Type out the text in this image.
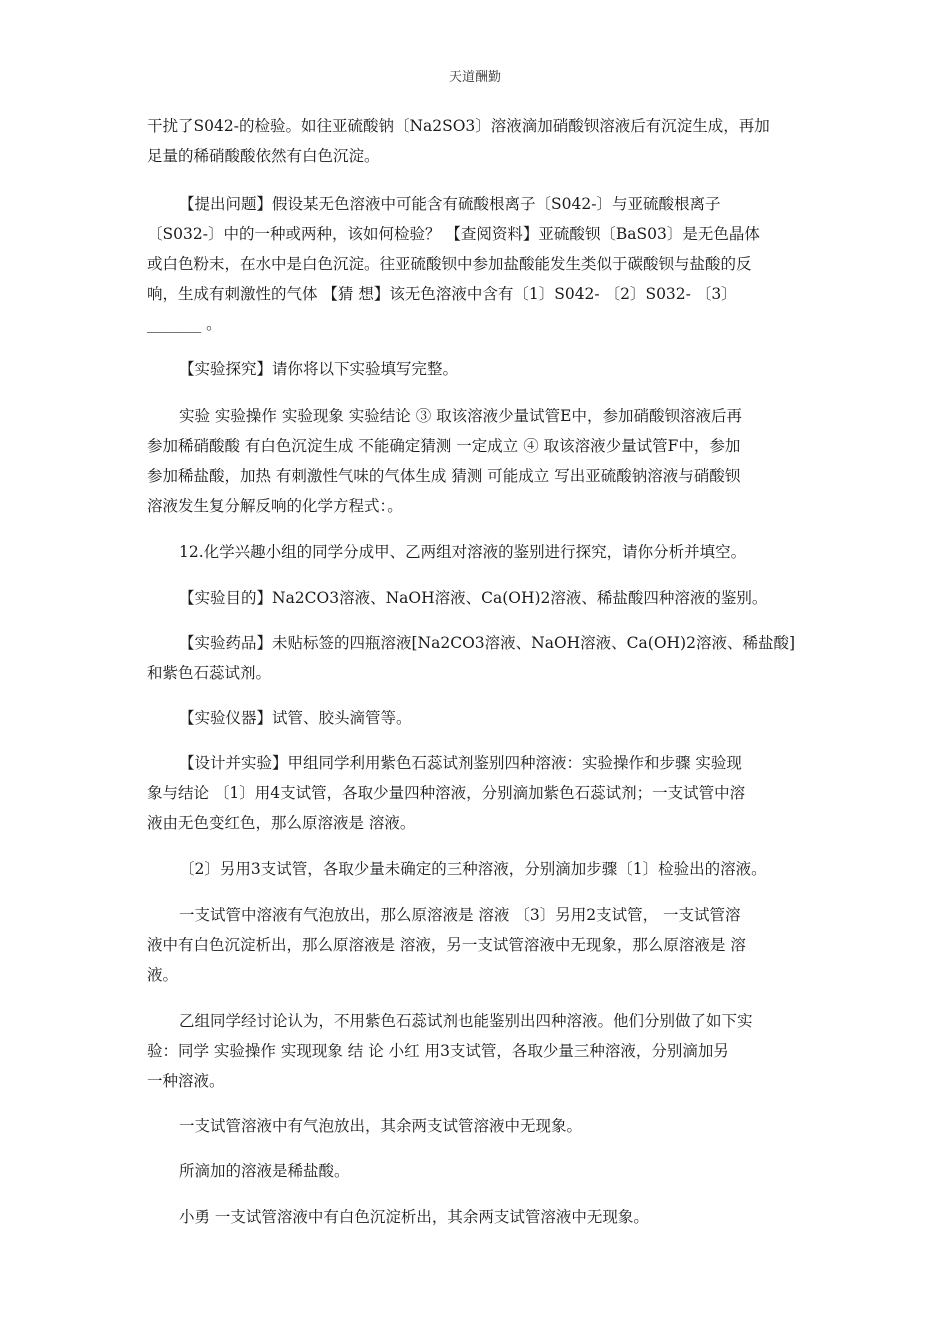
天道酬勤

干扰了S042-的检验。如往亚硫酸钠〔Na2SO3〕溶液滴加硝酸钡溶液后有沉淀生成，再加
足量的稀硝酸酸依然有白色沉淀。

【提出问题】假设某无色溶液中可能含有硫酸根离子〔S042-〕与亚硫酸根离子
〔S032-〕中的一种或两种，该如何检验？ 【查阅资料】亚硫酸钡〔BaS03〕是无色晶体
或白色粉末，在水中是白色沉淀。往亚硫酸钡中参加盐酸能发生类似于碳酸钡与盐酸的反
响，生成有刺激性的气体 【猜 想】该无色溶液中含有〔1〕S042- 〔2〕S032- 〔3〕
_______ 。

【实验探究】请你将以下实验填写完整。

实验 实验操作 实验现象 实验结论 ③ 取该溶液少量试管E中，参加硝酸钡溶液后再
参加稀硝酸酸 有白色沉淀生成 不能确定猜测 一定成立 ④ 取该溶液少量试管F中，参加
参加稀盐酸，加热 有刺激性气味的气体生成 猜测 可能成立 写出亚硫酸钠溶液与硝酸钡
溶液发生复分解反响的化学方程式：。

12.化学兴趣小组的同学分成甲、乙两组对溶液的鉴别进行探究，请你分析并填空。

【实验目的】Na2CO3溶液、NaOH溶液、Ca(OH)2溶液、稀盐酸四种溶液的鉴别。

【实验药品】未贴标签的四瓶溶液[Na2CO3溶液、NaOH溶液、Ca(OH)2溶液、稀盐酸]
和紫色石蕊试剂。

【实验仪器】试管、胶头滴管等。

【设计并实验】甲组同学利用紫色石蕊试剂鉴别四种溶液：实验操作和步骤 实验现
象与结论 〔1〕用4支试管，各取少量四种溶液，分别滴加紫色石蕊试剂；一支试管中溶
液由无色变红色，那么原溶液是 溶液。

〔2〕另用3支试管，各取少量未确定的三种溶液，分别滴加步骤〔1〕检验出的溶液。

一支试管中溶液有气泡放出，那么原溶液是 溶液 〔3〕另用2支试管， 一支试管溶
液中有白色沉淀析出，那么原溶液是 溶液，另一支试管溶液中无现象，那么原溶液是 溶
液。

乙组同学经讨论认为，不用紫色石蕊试剂也能鉴别出四种溶液。他们分别做了如下实
验：同学 实验操作 实现现象 结 论 小红 用3支试管，各取少量三种溶液，分别滴加另
一种溶液。

一支试管溶液中有气泡放出，其余两支试管溶液中无现象。

所滴加的溶液是稀盐酸。

小勇 一支试管溶液中有白色沉淀析出，其余两支试管溶液中无现象。
